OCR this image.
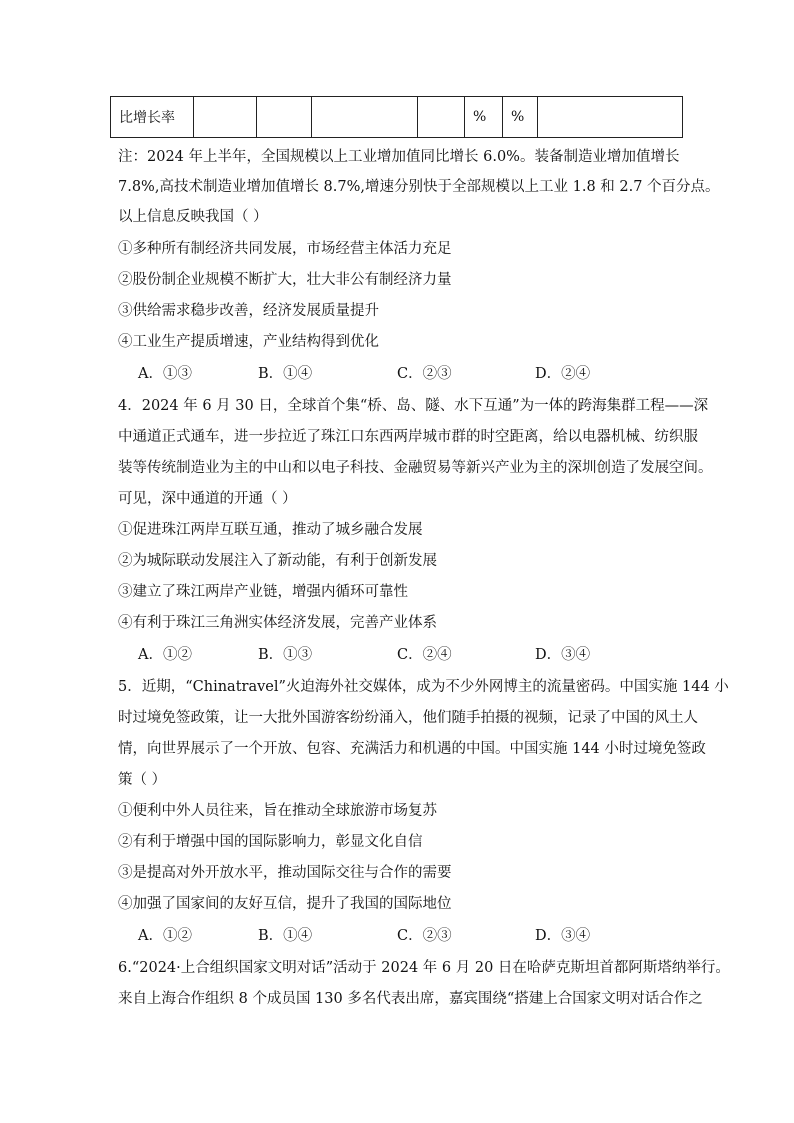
比增长率					%	%	
注：2024 年上半年，全国规模以上工业增加值同比增长 6.0%。装备制造业增加值增长
7.8%,高技术制造业增加值增长 8.7%,增速分别快于全部规模以上工业 1.8 和 2.7 个百分点。
以上信息反映我国（ ）
①多种所有制经济共同发展，市场经营主体活力充足
②股份制企业规模不断扩大，壮大非公有制经济力量
③供给需求稳步改善，经济发展质量提升
④工业生产提质增速，产业结构得到优化
A．①③	B．①④	C．②③	D．②④
4．2024 年 6 月 30 日，全球首个集“桥、岛、隧、水下互通”为一体的跨海集群工程——深
中通道正式通车，进一步拉近了珠江口东西两岸城市群的时空距离，给以电器机械、纺织服
装等传统制造业为主的中山和以电子科技、金融贸易等新兴产业为主的深圳创造了发展空间。
可见，深中通道的开通（ ）
①促进珠江两岸互联互通，推动了城乡融合发展
②为城际联动发展注入了新动能，有利于创新发展
③建立了珠江两岸产业链，增强内循环可靠性
④有利于珠江三角洲实体经济发展，完善产业体系
A．①②	B．①③	C．②④	D．③④
5．近期，“Chinatravel”火迫海外社交媒体，成为不少外网博主的流量密码。中国实施 144 小
时过境免签政策，让一大批外国游客纷纷涌入，他们随手拍摄的视频，记录了中国的风土人
情，向世界展示了一个开放、包容、充满活力和机遇的中国。中国实施 144 小时过境免签政
策（ ）
①便利中外人员往来，旨在推动全球旅游市场复苏
②有利于增强中国的国际影响力，彰显文化自信
③是提高对外开放水平，推动国际交往与合作的需要
④加强了国家间的友好互信，提升了我国的国际地位
A．①②	B．①④	C．②③	D．③④
6.“2024·上合组织国家文明对话”活动于 2024 年 6 月 20 日在哈萨克斯坦首都阿斯塔纳举行。
来自上海合作组织 8 个成员国 130 多名代表出席，嘉宾围绕“搭建上合国家文明对话合作之
